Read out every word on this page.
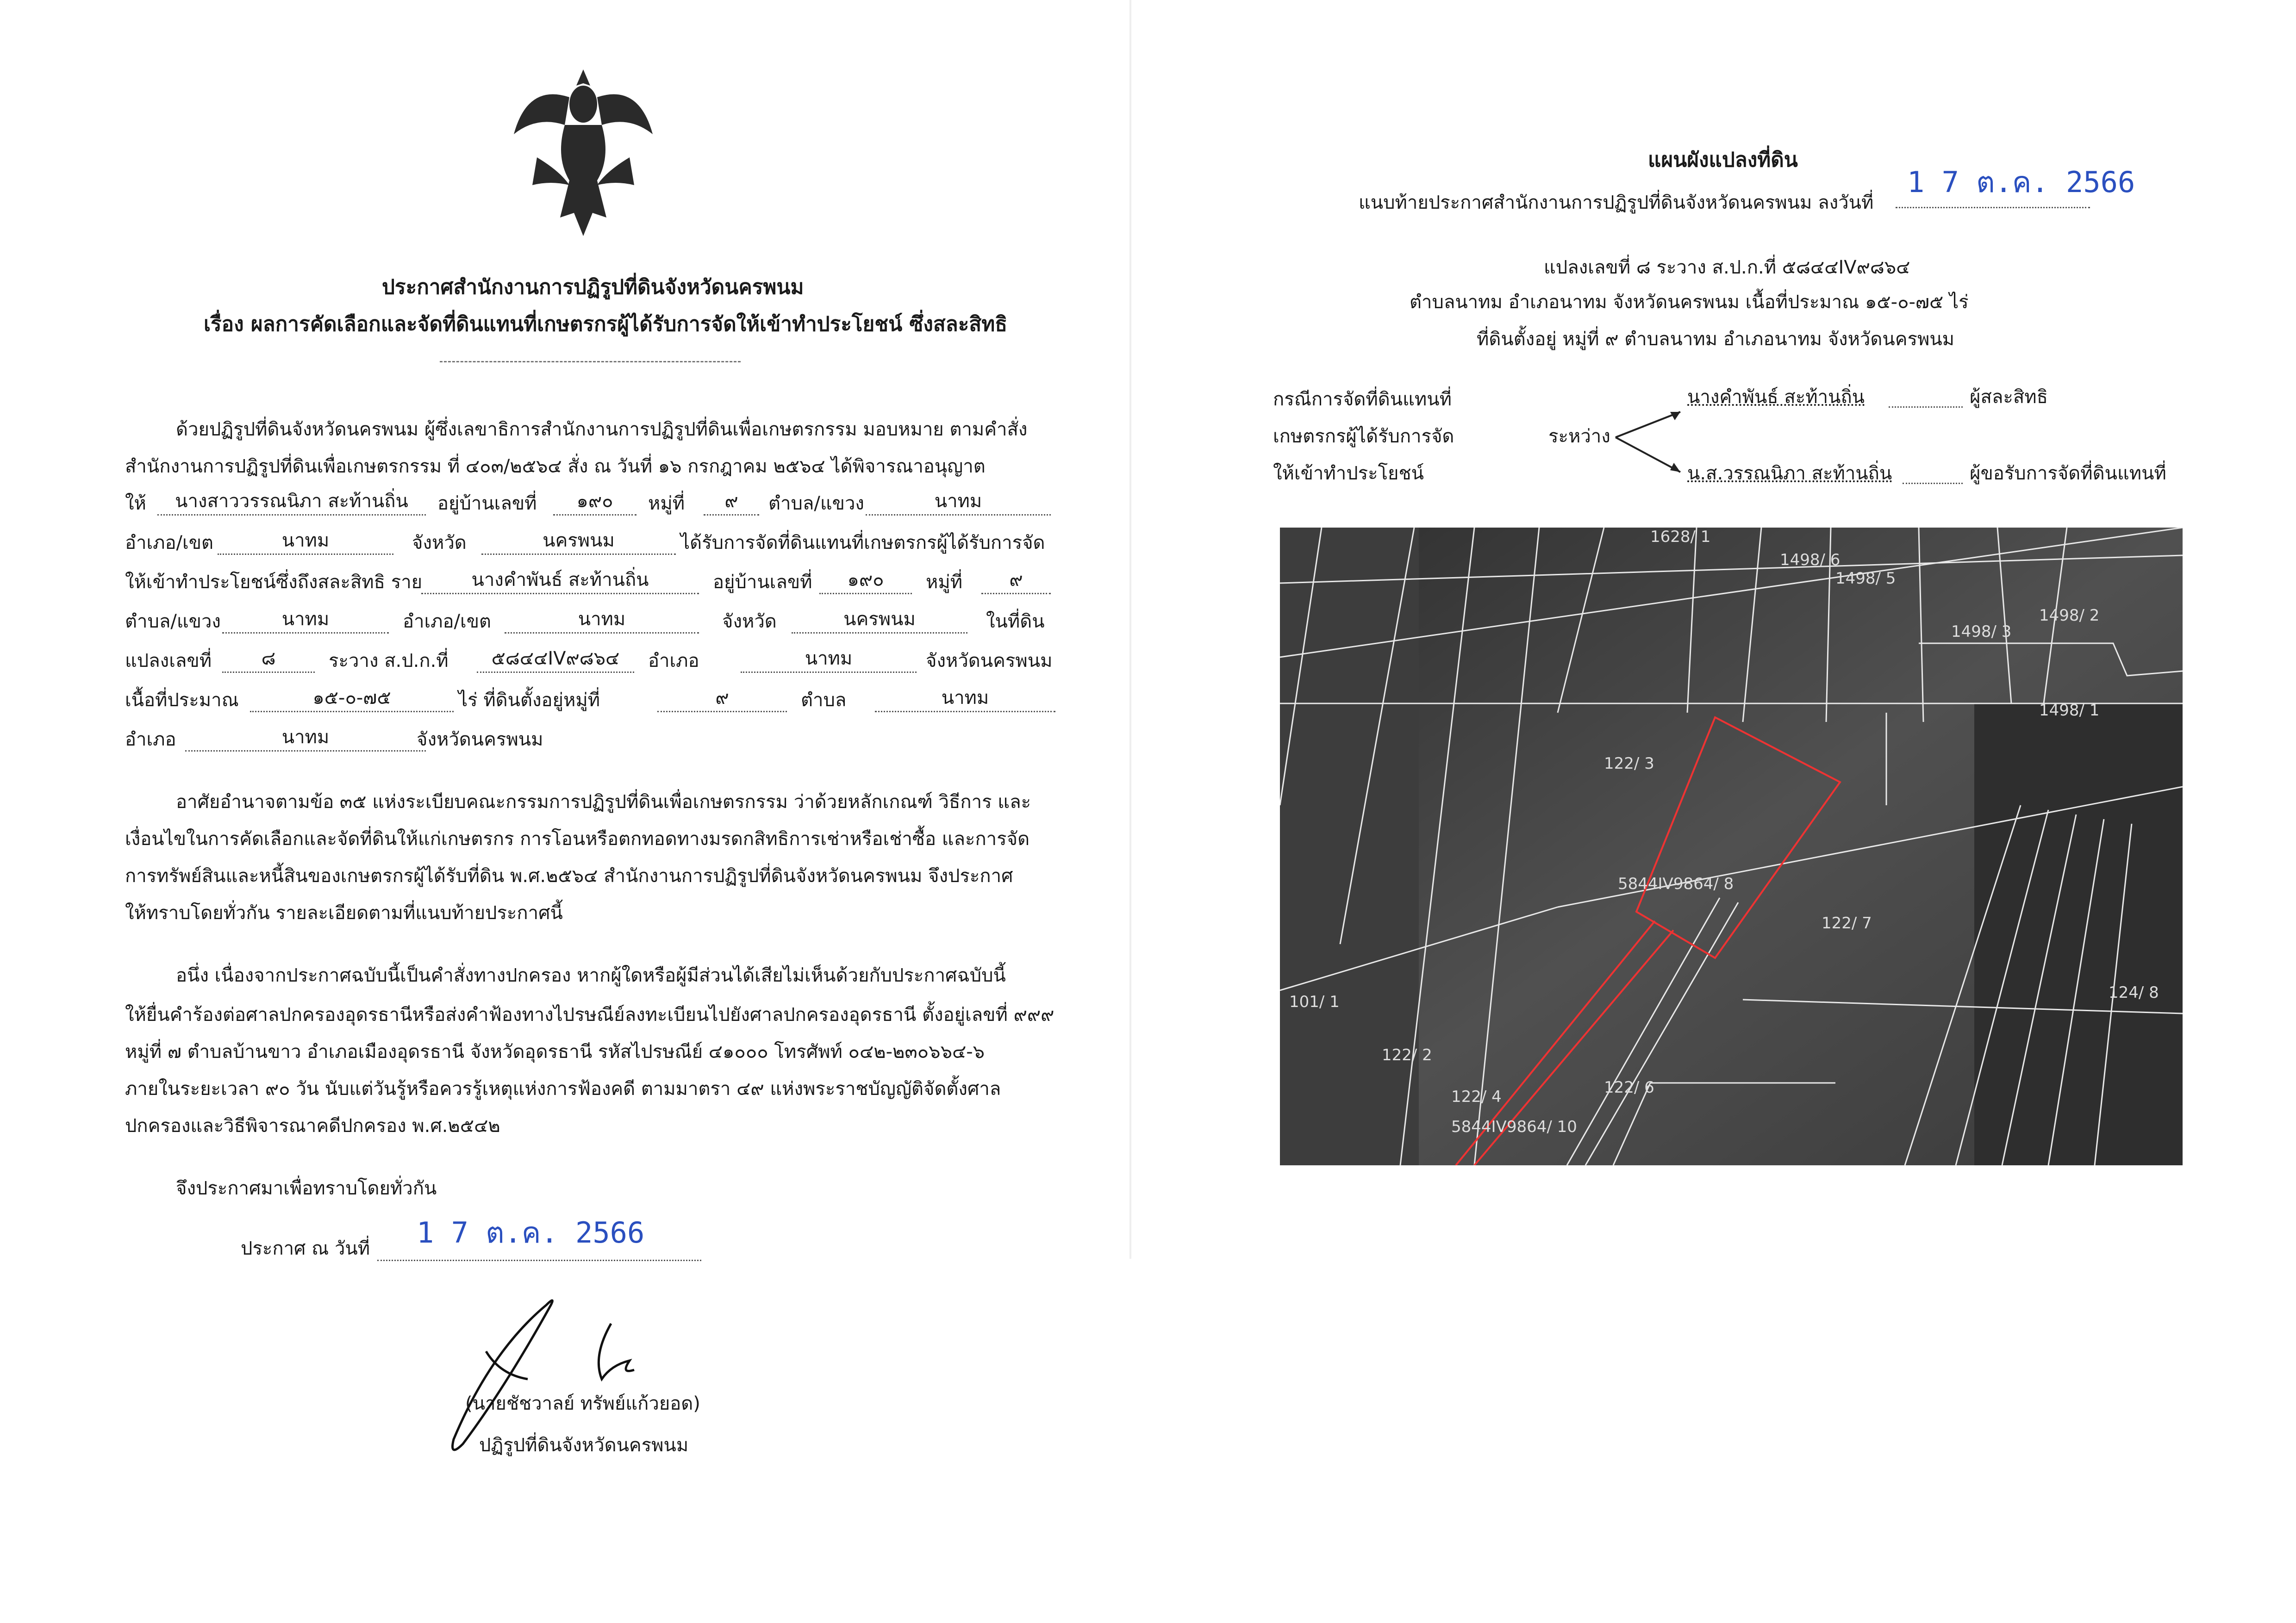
ประกาศสำนักงานการปฏิรูปที่ดินจังหวัดนครพนม
เรื่อง ผลการคัดเลือกและจัดที่ดินแทนที่เกษตรกรผู้ได้รับการจัดให้เข้าทำประโยชน์ ซึ่งสละสิทธิ
ด้วยปฏิรูปที่ดินจังหวัดนครพนม ผู้ซึ่งเลขาธิการสำนักงานการปฏิรูปที่ดินเพื่อเกษตรกรรม มอบหมาย ตามคำสั่ง
สำนักงานการปฏิรูปที่ดินเพื่อเกษตรกรรม ที่ ๔๐๓/๒๕๖๔ สั่ง ณ วันที่ ๑๖ กรกฎาคม ๒๕๖๔ ได้พิจารณาอนุญาต
ให้	นางสาววรรณนิภา สะท้านถิ่น	อยู่บ้านเลขที่	๑๙๐	หมู่ที่	๙	ตำบล/แขวง	นาทม
อำเภอ/เขต	นาทม	จังหวัด	นครพนม	ได้รับการจัดที่ดินแทนที่เกษตรกรผู้ได้รับการจัด
ให้เข้าทำประโยชน์ซึ่งถึงสละสิทธิ ราย	นางคำพันธ์ สะท้านถิ่น	อยู่บ้านเลขที่	๑๙๐	หมู่ที่	๙
ตำบล/แขวง	นาทม	อำเภอ/เขต	นาทม	จังหวัด	นครพนม	ในที่ดิน
แปลงเลขที่	๘	ระวาง ส.ป.ก.ที่	๕๘๔๔IV๙๘๖๔	อำเภอ	นาทม	จังหวัดนครพนม
เนื้อที่ประมาณ	๑๕-๐-๗๕	ไร่ ที่ดินตั้งอยู่หมู่ที่	๙	ตำบล	นาทม
อำเภอ	นาทม	จังหวัดนครพนม
อาศัยอำนาจตามข้อ ๓๕ แห่งระเบียบคณะกรรมการปฏิรูปที่ดินเพื่อเกษตรกรรม ว่าด้วยหลักเกณฑ์ วิธีการ และ
เงื่อนไขในการคัดเลือกและจัดที่ดินให้แก่เกษตรกร การโอนหรือตกทอดทางมรดกสิทธิการเช่าหรือเช่าซื้อ และการจัด
การทรัพย์สินและหนี้สินของเกษตรกรผู้ได้รับที่ดิน พ.ศ.๒๕๖๔ สำนักงานการปฏิรูปที่ดินจังหวัดนครพนม จึงประกาศ
ให้ทราบโดยทั่วกัน รายละเอียดตามที่แนบท้ายประกาศนี้
อนึ่ง เนื่องจากประกาศฉบับนี้เป็นคำสั่งทางปกครอง หากผู้ใดหรือผู้มีส่วนได้เสียไม่เห็นด้วยกับประกาศฉบับนี้
ให้ยื่นคำร้องต่อศาลปกครองอุดรธานีหรือส่งคำฟ้องทางไปรษณีย์ลงทะเบียนไปยังศาลปกครองอุดรธานี ตั้งอยู่เลขที่ ๙๙๙
หมู่ที่ ๗ ตำบลบ้านขาว อำเภอเมืองอุดรธานี จังหวัดอุดรธานี รหัสไปรษณีย์ ๔๑๐๐๐ โทรศัพท์ ๐๔๒-๒๓๐๖๖๔-๖
ภายในระยะเวลา ๙๐ วัน นับแต่วันรู้หรือควรรู้เหตุแห่งการฟ้องคดี ตามมาตรา ๔๙ แห่งพระราชบัญญัติจัดตั้งศาล
ปกครองและวิธีพิจารณาคดีปกครอง พ.ศ.๒๕๔๒
จึงประกาศมาเพื่อทราบโดยทั่วกัน
ประกาศ ณ วันที่ 1 7 ต.ค. 2566
(นายชัชวาลย์ ทรัพย์แก้วยอด)
ปฏิรูปที่ดินจังหวัดนครพนม
แผนผังแปลงที่ดิน
แนบท้ายประกาศสำนักงานการปฏิรูปที่ดินจังหวัดนครพนม ลงวันที่
1 7 ต.ค. 2566
แปลงเลขที่ ๘ ระวาง ส.ป.ก.ที่ ๕๘๔๔IV๙๘๖๔
ตำบลนาทม อำเภอนาทม จังหวัดนครพนม เนื้อที่ประมาณ ๑๕-๐-๗๕ ไร่
ที่ดินตั้งอยู่ หมู่ที่ ๙ ตำบลนาทม อำเภอนาทม จังหวัดนครพนม
กรณีการจัดที่ดินแทนที่
เกษตรกรผู้ได้รับการจัด
ให้เข้าทำประโยชน์
ระหว่าง
นางคำพันธ์ สะท้านถิ่น	ผู้สละสิทธิ
น.ส.วรรณนิภา สะท้านถิ่น	ผู้ขอรับการจัดที่ดินแทนที่
1628/ 1
1498/ 6
1498/ 5
1498/ 3
1498/ 2
1498/ 1
122/ 3
5844IV9864/ 8
122/ 7
101/ 1
122/ 2
122/ 4	122/ 6
5844IV9864/ 10
124/ 8
